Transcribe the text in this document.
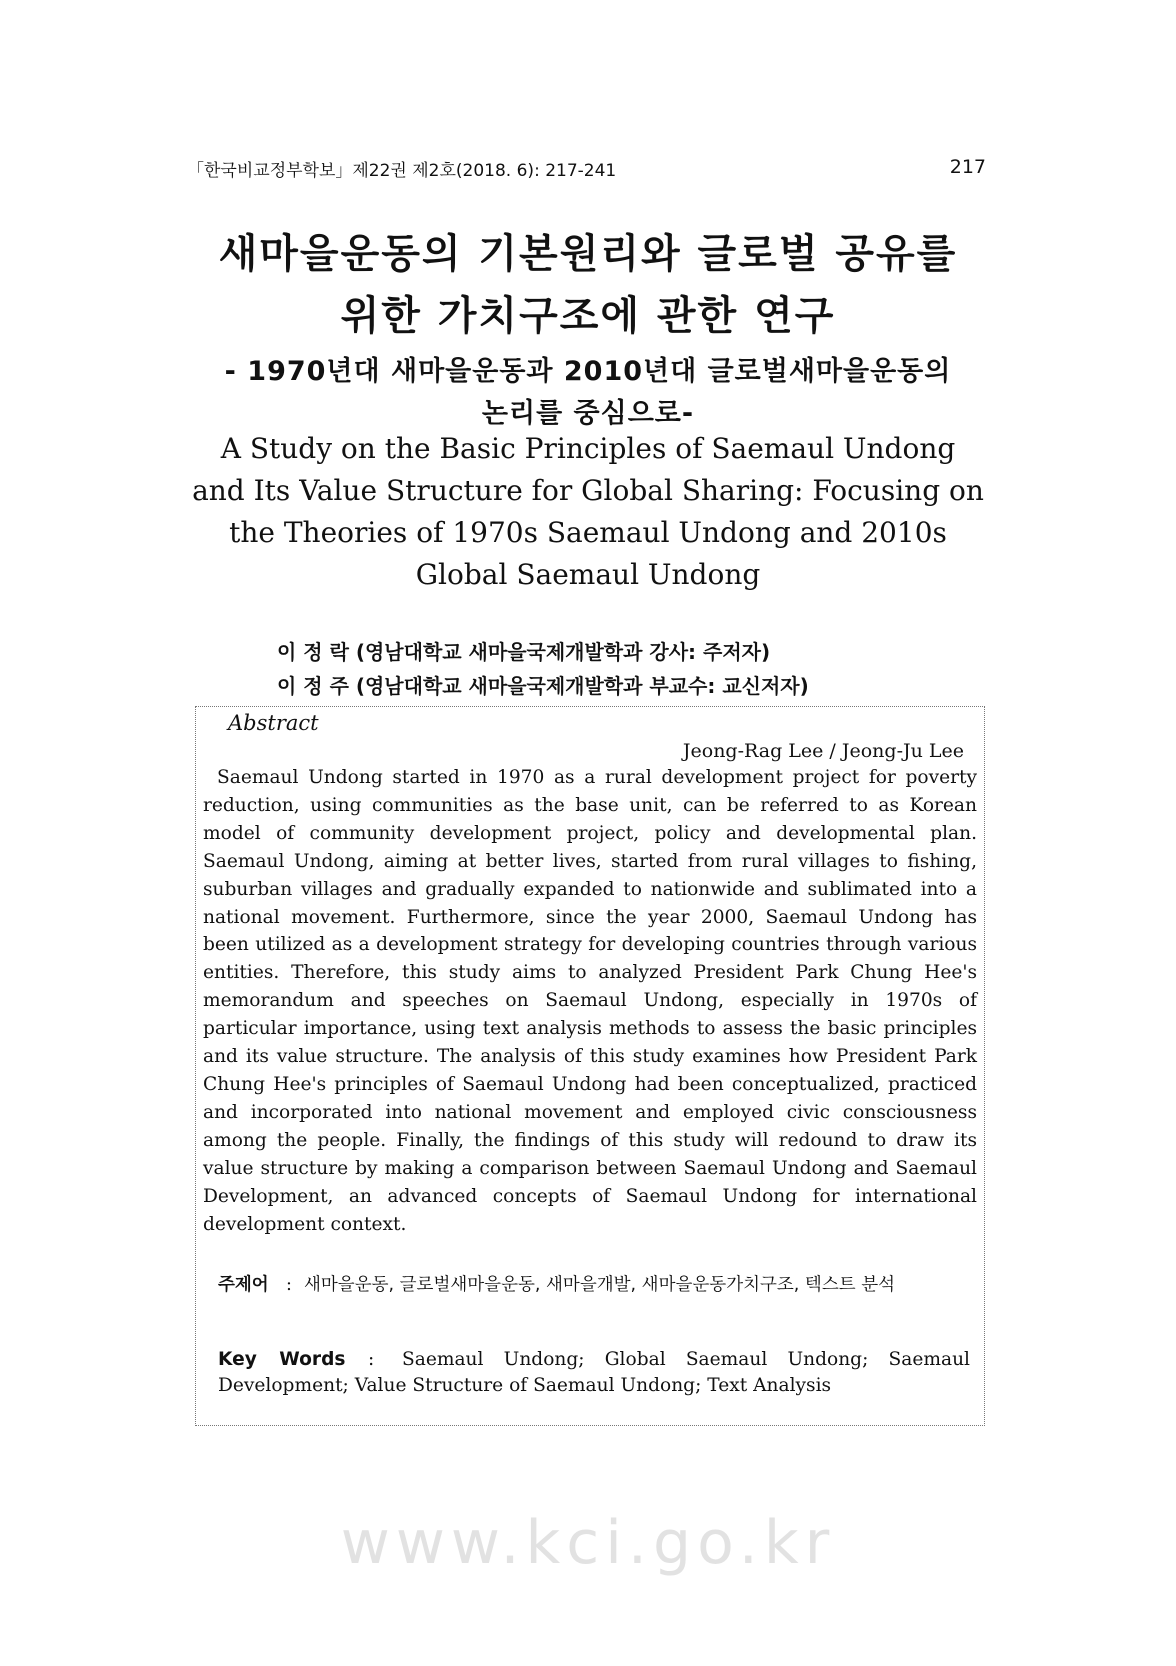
「한국비교정부학보」제22권 제2호(2018. 6): 217-241	217
새마을운동의 기본원리와 글로벌 공유를
위한 가치구조에 관한 연구
- 1970년대 새마을운동과 2010년대 글로벌새마을운동의
논리를 중심으로-
A Study on the Basic Principles of Saemaul Undong and Its Value Structure for Global Sharing: Focusing on the Theories of 1970s Saemaul Undong and 2010s Global Saemaul Undong
이 정 락 (영남대학교 새마을국제개발학과 강사: 주저자)
이 정 주 (영남대학교 새마을국제개발학과 부교수: 교신저자)
Abstract
Jeong-Rag Lee / Jeong-Ju Lee

Saemaul Undong started in 1970 as a rural development project for poverty reduction, using communities as the base unit, can be referred to as Korean model of community development project, policy and developmental plan. Saemaul Undong, aiming at better lives, started from rural villages to fishing, suburban villages and gradually expanded to nationwide and sublimated into a national movement. Furthermore, since the year 2000, Saemaul Undong has been utilized as a development strategy for developing countries through various entities. Therefore, this study aims to analyzed President Park Chung Hee's memorandum and speeches on Saemaul Undong, especially in 1970s of particular importance, using text analysis methods to assess the basic principles and its value structure. The analysis of this study examines how President Park Chung Hee's principles of Saemaul Undong had been conceptualized, practiced and incorporated into national movement and employed civic consciousness among the people. Finally, the findings of this study will redound to draw its value structure by making a comparison between Saemaul Undong and Saemaul Development, an advanced concepts of Saemaul Undong for international development context.

주제어 : 새마을운동, 글로벌새마을운동, 새마을개발, 새마을운동가치구조, 텍스트 분석
Key Words :	Saemaul Undong; Global Saemaul Undong; Saemaul Development; Value Structure of Saemaul Undong; Text Analysis
www.kci.go.kr
